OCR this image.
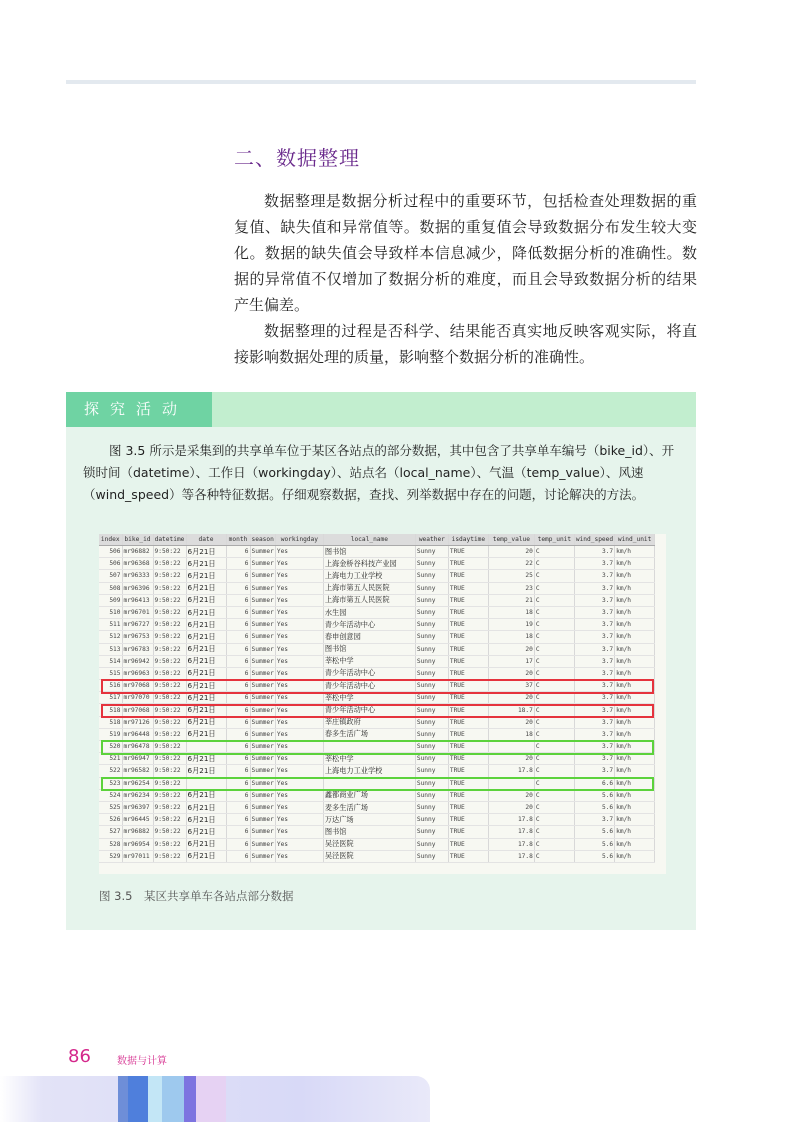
二、数据整理

数据整理是数据分析过程中的重要环节，包括检查处理数据的重复值、缺失值和异常值等。数据的重复值会导致数据分布发生较大变化。数据的缺失值会导致样本信息减少，降低数据分析的准确性。数据的异常值不仅增加了数据分析的难度，而且会导致数据分析的结果产生偏差。

数据整理的过程是否科学、结果能否真实地反映客观实际，将直接影响数据处理的质量，影响整个数据分析的准确性。

探究活动

图 3.5 所示是采集到的共享单车位于某区各站点的部分数据，其中包含了共享单车编号（bike_id）、开锁时间（datetime）、工作日（workingday）、站点名（local_name）、气温（temp_value）、风速（wind_speed）等各种特征数据。仔细观察数据，查找、列举数据中存在的问题，讨论解决的方法。

index	bike_id	datetime	date	month	season	workingday	local_name	weather	isdaytime	temp_value	temp_unit	wind_speed	wind_unit
506	mr96882	9:50:22	6月21日	6	Summer	Yes	图书馆	Sunny	TRUE	20	C	3.7	km/h
506	mr96368	9:50:22	6月21日	6	Summer	Yes	上海金桥谷科技产业园	Sunny	TRUE	22	C	3.7	km/h
507	mr96333	9:50:22	6月21日	6	Summer	Yes	上海电力工业学校	Sunny	TRUE	25	C	3.7	km/h
508	mr96396	9:50:22	6月21日	6	Summer	Yes	上海市第五人民医院	Sunny	TRUE	23	C	3.7	km/h
509	mr96413	9:50:22	6月21日	6	Summer	Yes	上海市第五人民医院	Sunny	TRUE	21	C	3.7	km/h
510	mr96701	9:50:22	6月21日	6	Summer	Yes	水生园	Sunny	TRUE	18	C	3.7	km/h
511	mr96727	9:50:22	6月21日	6	Summer	Yes	青少年活动中心	Sunny	TRUE	19	C	3.7	km/h
512	mr96753	9:50:22	6月21日	6	Summer	Yes	春申创意园	Sunny	TRUE	18	C	3.7	km/h
513	mr96783	9:50:22	6月21日	6	Summer	Yes	图书馆	Sunny	TRUE	20	C	3.7	km/h
514	mr96942	9:50:22	6月21日	6	Summer	Yes	莘松中学	Sunny	TRUE	17	C	3.7	km/h
515	mr96963	9:50:22	6月21日	6	Summer	Yes	青少年活动中心	Sunny	TRUE	20	C	3.7	km/h
516	mr97068	9:50:22	6月21日	6	Summer	Yes	青少年活动中心	Sunny	TRUE	37	C	3.7	km/h
517	mr97070	9:50:22	6月21日	6	Summer	Yes	莘松中学	Sunny	TRUE	20	C	3.7	km/h
518	mr97068	9:50:22	6月21日	6	Summer	Yes	青少年活动中心	Sunny	TRUE	18.7	C	3.7	km/h
518	mr97126	9:50:22	6月21日	6	Summer	Yes	莘庄镇政府	Sunny	TRUE	20	C	3.7	km/h
519	mr96448	9:50:22	6月21日	6	Summer	Yes	春多生活广场	Sunny	TRUE	18	C	3.7	km/h
520	mr96478	9:50:22		6	Summer	Yes		Sunny	TRUE		C	3.7	km/h
521	mr96947	9:50:22	6月21日	6	Summer	Yes	莘松中学	Sunny	TRUE	20	C	3.7	km/h
522	mr96582	9:50:22	6月21日	6	Summer	Yes	上海电力工业学校	Sunny	TRUE	17.8	C	3.7	km/h
523	mr96254	9:50:22		6	Summer	Yes		Sunny	TRUE		C	6.6	km/h
524	mr96234	9:50:22	6月21日	6	Summer	Yes	鑫都商业广场	Sunny	TRUE	20	C	5.6	km/h
525	mr96397	9:50:22	6月21日	6	Summer	Yes	麦多生活广场	Sunny	TRUE	20	C	5.6	km/h
526	mr96445	9:50:22	6月21日	6	Summer	Yes	万达广场	Sunny	TRUE	17.8	C	3.7	km/h
527	mr96882	9:50:22	6月21日	6	Summer	Yes	图书馆	Sunny	TRUE	17.8	C	5.6	km/h
528	mr96954	9:50:22	6月21日	6	Summer	Yes	吴泾医院	Sunny	TRUE	17.8	C	5.6	km/h
529	mr97011	9:50:22	6月21日	6	Summer	Yes	吴泾医院	Sunny	TRUE	17.8	C	5.6	km/h
图 3.5　某区共享单车各站点部分数据
86	数据与计算
